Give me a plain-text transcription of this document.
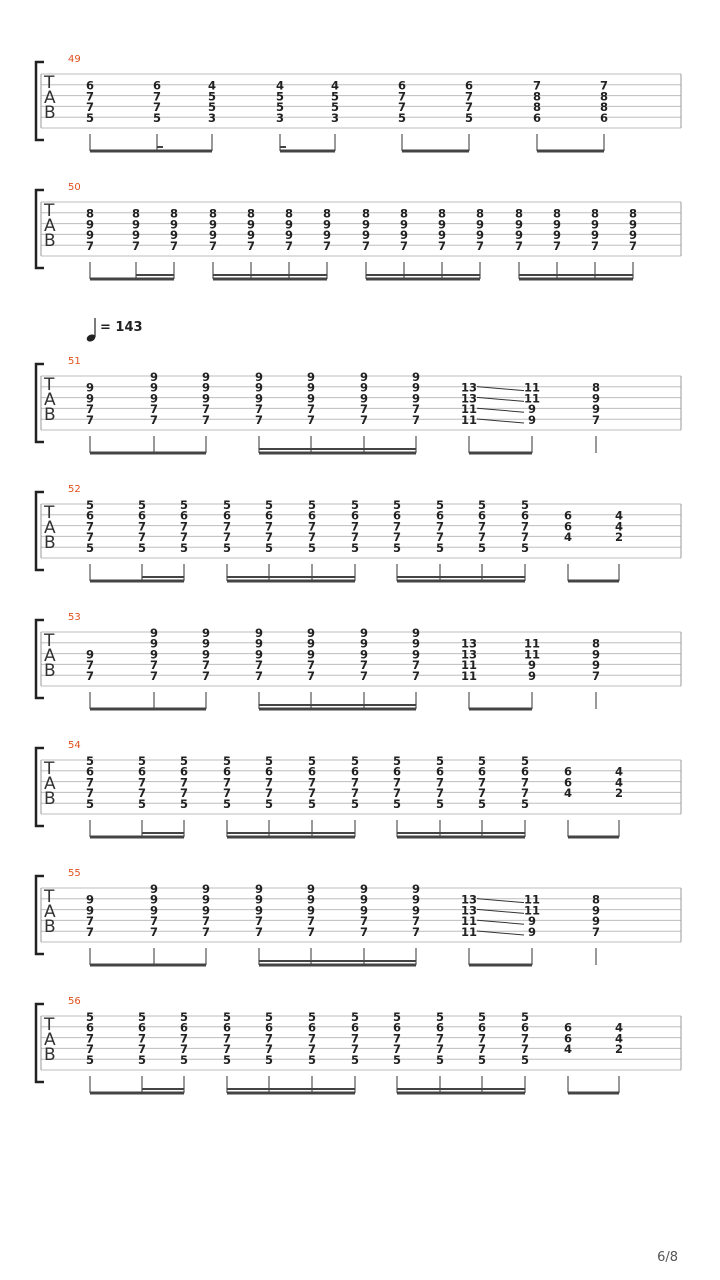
= 143
T
A
B
49
6
7
7
5
6
7
7
5
4
5
5
3
4
5
5
3
4
5
5
3
6
7
7
5
6
7
7
5
7
8
8
6
7
8
8
6
T
A
B
50
8
9
9
7
8
9
9
7
8
9
9
7
8
9
9
7
8
9
9
7
8
9
9
7
8
9
9
7
8
9
9
7
8
9
9
7
8
9
9
7
8
9
9
7
8
9
9
7
8
9
9
7
8
9
9
7
8
9
9
7
T
A
B
51
9
9
7
7
9
9
9
7
7
9
9
9
7
7
9
9
9
7
7
9
9
9
7
7
9
9
9
7
7
9
9
9
7
7
13
13
11
11
11
11
9
9
8
9
9
7
T
A
B
52
5
6
7
7
5
5
6
7
7
5
5
6
7
7
5
5
6
7
7
5
5
6
7
7
5
5
6
7
7
5
5
6
7
7
5
5
6
7
7
5
5
6
7
7
5
5
6
7
7
5
5
6
7
7
5
6
6
4
4
4
2
T
A
B
53
9
7
7
9
9
9
7
7
9
9
9
7
7
9
9
9
7
7
9
9
9
7
7
9
9
9
7
7
9
9
9
7
7
13
13
11
11
11
11
9
9
8
9
9
7
T
A
B
54
5
6
7
7
5
5
6
7
7
5
5
6
7
7
5
5
6
7
7
5
5
6
7
7
5
5
6
7
7
5
5
6
7
7
5
5
6
7
7
5
5
6
7
7
5
5
6
7
7
5
5
6
7
7
5
6
6
4
4
4
2
T
A
B
55
9
9
7
7
9
9
9
7
7
9
9
9
7
7
9
9
9
7
7
9
9
9
7
7
9
9
9
7
7
9
9
9
7
7
13
13
11
11
11
11
9
9
8
9
9
7
T
A
B
56
5
6
7
7
5
5
6
7
7
5
5
6
7
7
5
5
6
7
7
5
5
6
7
7
5
5
6
7
7
5
5
6
7
7
5
5
6
7
7
5
5
6
7
7
5
5
6
7
7
5
5
6
7
7
5
6
6
4
4
4
2
6/8
